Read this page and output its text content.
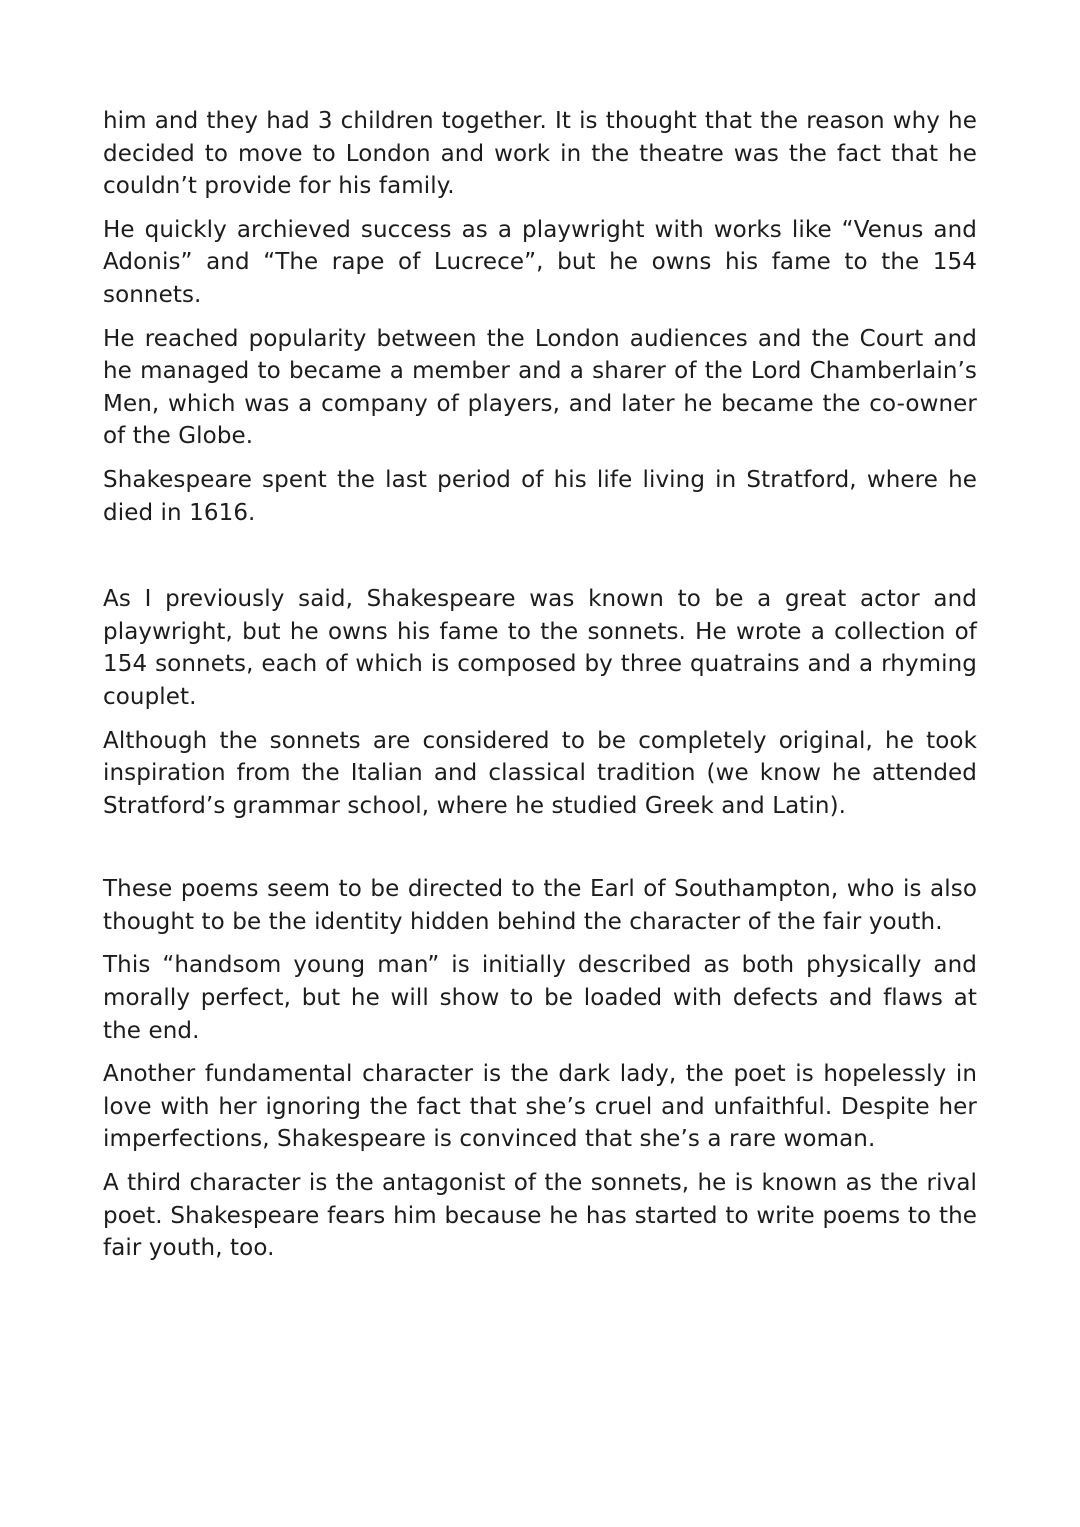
him and they had 3 children together. It is thought that the reason why he decided to move to London and work in the theatre was the fact that he couldn’t provide for his family.

He quickly archieved success as a playwright with works like “Venus and Adonis” and “The rape of Lucrece”, but he owns his fame to the 154 sonnets.

He reached popularity between the London audiences and the Court and he managed to became a member and a sharer of the Lord Chamberlain’s Men, which was a company of players, and later he became the co-owner of the Globe.

Shakespeare spent the last period of his life living in Stratford, where he died in 1616.

As I previously said, Shakespeare was known to be a great actor and playwright, but he owns his fame to the sonnets. He wrote a collection of 154 sonnets, each of which is composed by three quatrains and a rhyming couplet.

Although the sonnets are considered to be completely original, he took inspiration from the Italian and classical tradition (we know he attended Stratford’s grammar school, where he studied Greek and Latin).

These poems seem to be directed to the Earl of Southampton, who is also thought to be the identity hidden behind the character of the fair youth.

This “handsom young man” is initially described as both physically and morally perfect, but he will show to be loaded with defects and flaws at the end.

Another fundamental character is the dark lady, the poet is hopelessly in love with her ignoring the fact that she’s cruel and unfaithful. Despite her imperfections, Shakespeare is convinced that she’s a rare woman.

A third character is the antagonist of the sonnets, he is known as the rival poet. Shakespeare fears him because he has started to write poems to the fair youth, too.
